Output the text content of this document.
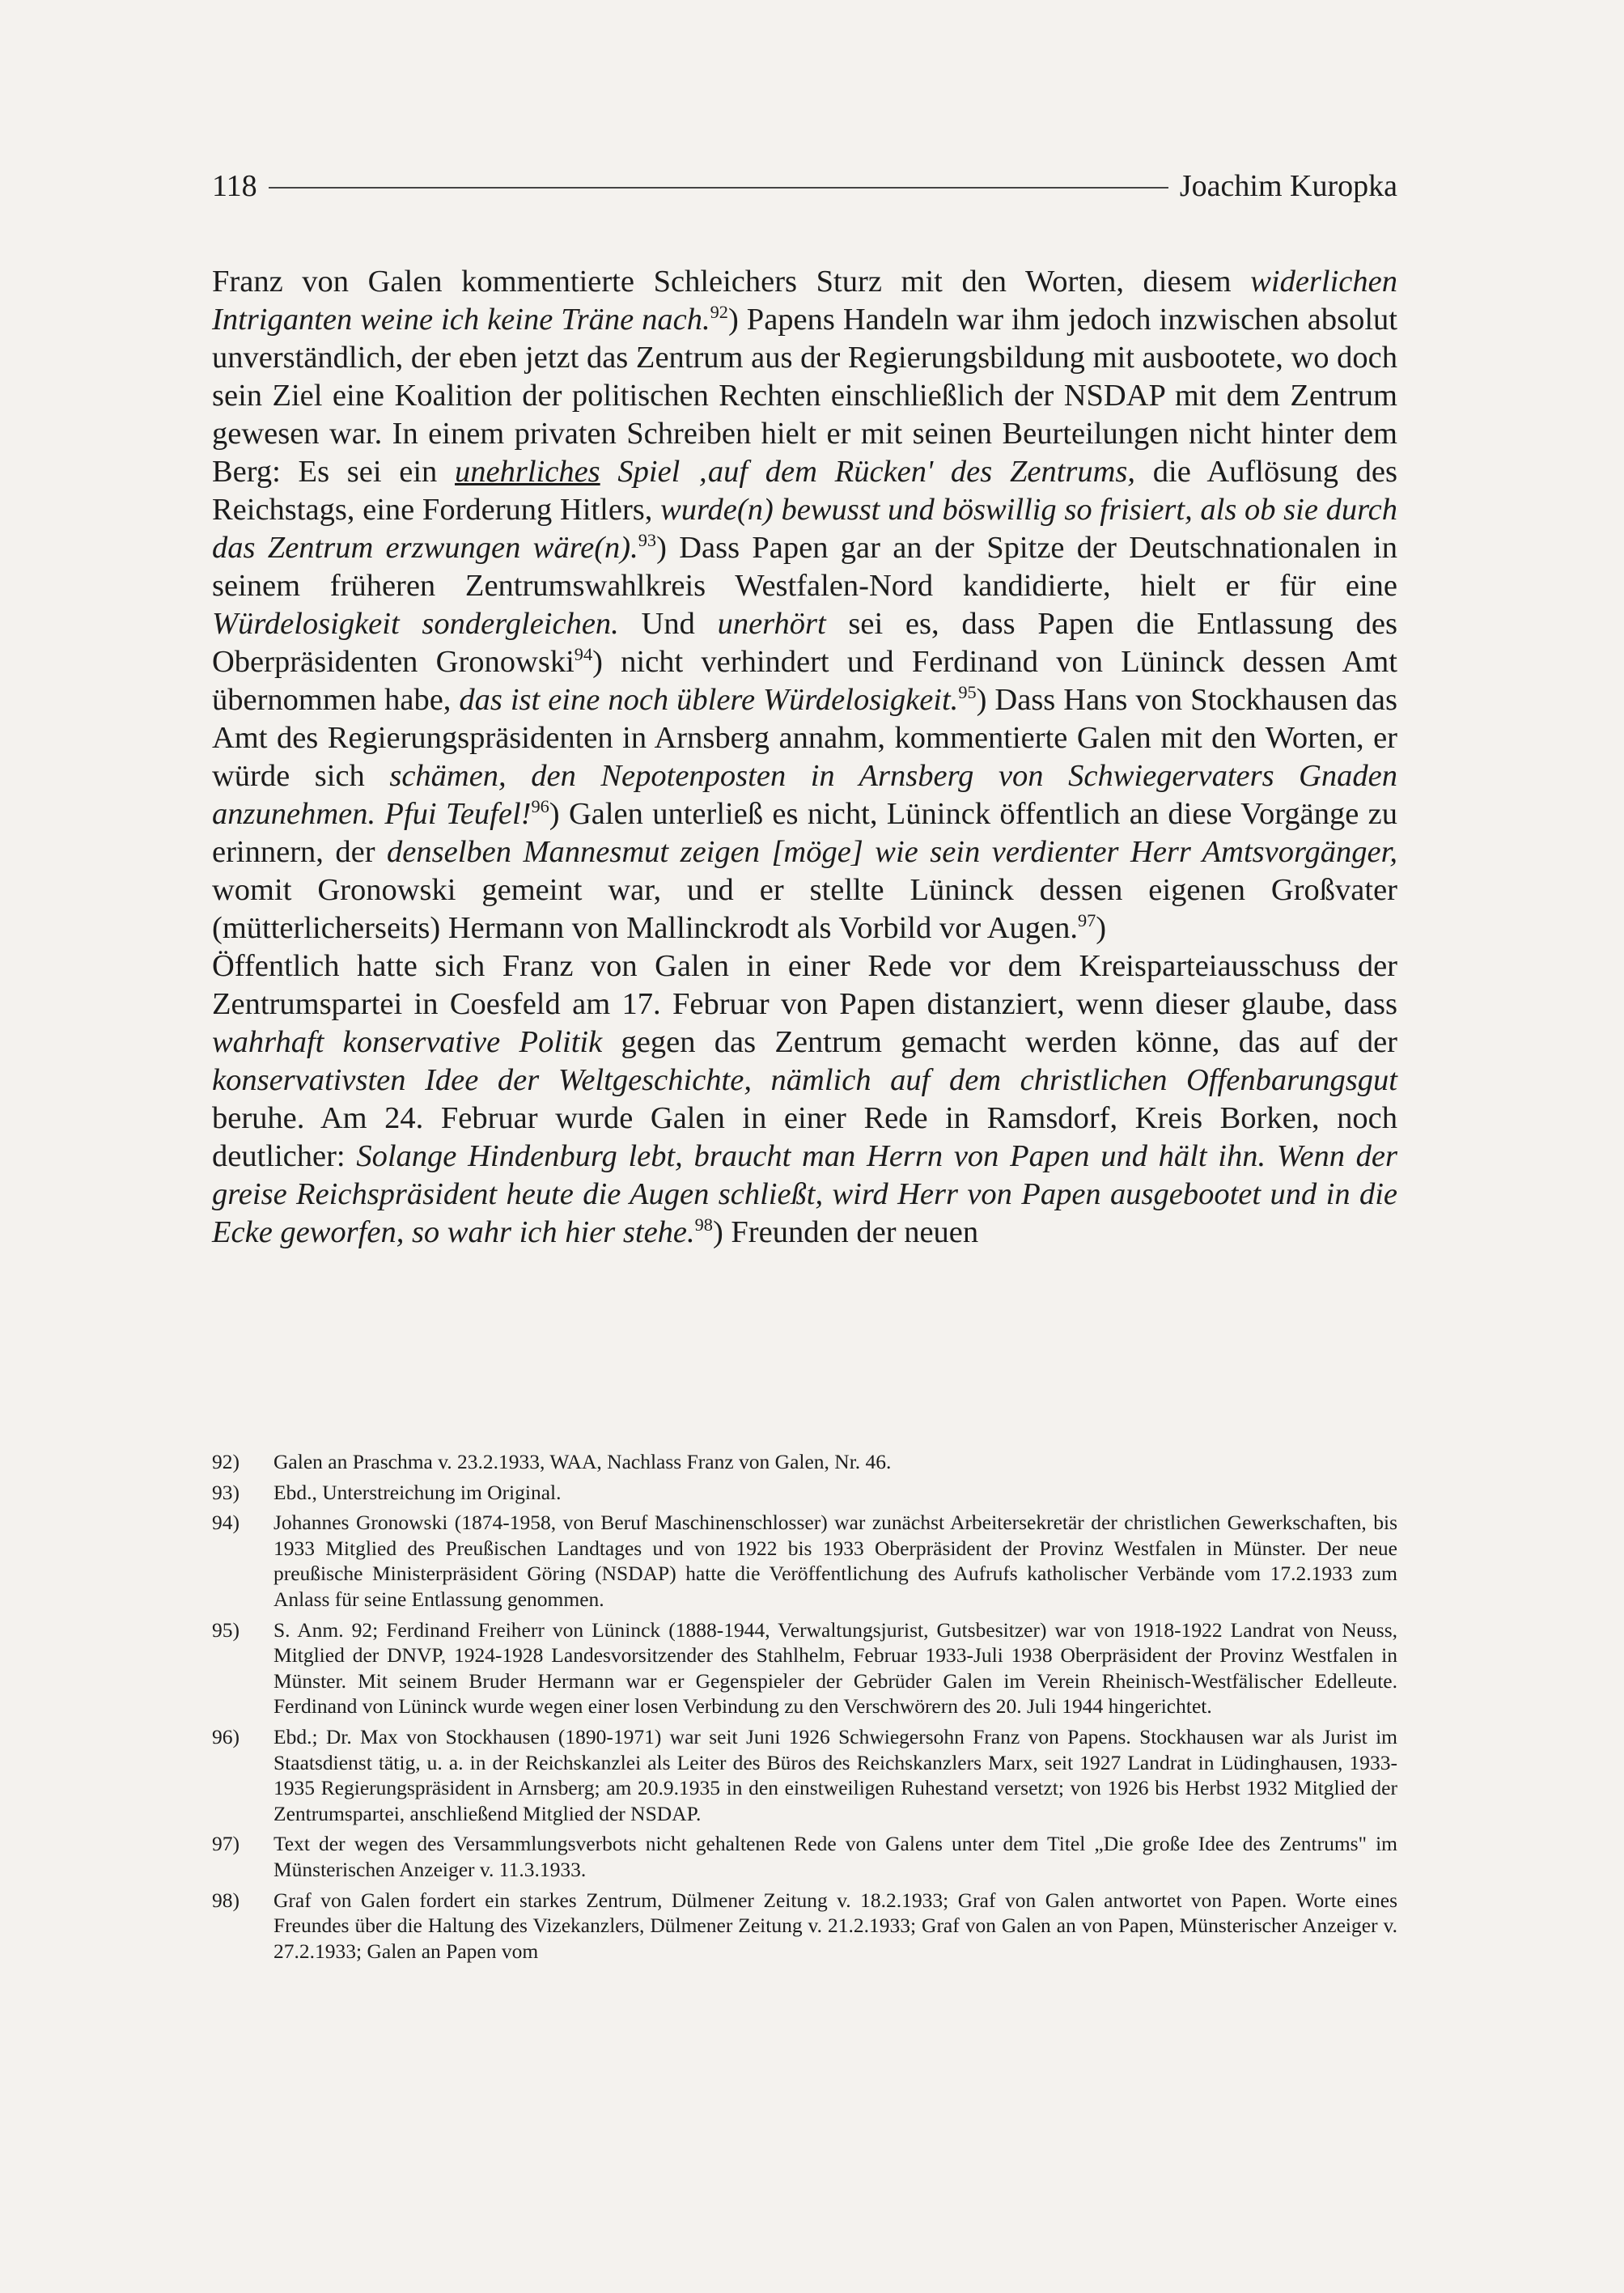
118	Joachim Kuropka

Franz von Galen kommentierte Schleichers Sturz mit den Worten, diesem widerlichen Intriganten weine ich keine Träne nach.$^{92}$) Papens Handeln war ihm jedoch inzwischen absolut unverständlich, der eben jetzt das Zentrum aus der Regierungsbildung mit ausbootete, wo doch sein Ziel eine Koalition der politischen Rechten einschließlich der NSDAP mit dem Zentrum gewesen war. In einem privaten Schreiben hielt er mit seinen Beurteilungen nicht hinter dem Berg: Es sei ein unehrliches Spiel ‚auf dem Rücken' des Zentrums, die Auflösung des Reichstags, eine Forderung Hitlers, wurde(n) bewusst und böswillig so frisiert, als ob sie durch das Zentrum erzwungen wäre(n).$^{93}$) Dass Papen gar an der Spitze der Deutschnationalen in seinem früheren Zentrumswahlkreis Westfalen-Nord kandidierte, hielt er für eine Würdelosigkeit sondergleichen. Und unerhört sei es, dass Papen die Entlassung des Oberpräsidenten Gronowski$^{94}$) nicht verhindert und Ferdinand von Lüninck dessen Amt übernommen habe, das ist eine noch üblere Würdelosigkeit.$^{95}$) Dass Hans von Stockhausen das Amt des Regierungspräsidenten in Arnsberg annahm, kommentierte Galen mit den Worten, er würde sich schämen, den Nepotenposten in Arnsberg von Schwiegervaters Gnaden anzunehmen. Pfui Teufel!$^{96}$) Galen unterließ es nicht, Lüninck öffentlich an diese Vorgänge zu erinnern, der denselben Mannesmut zeigen [möge] wie sein verdienter Herr Amtsvorgänger, womit Gronowski gemeint war, und er stellte Lüninck dessen eigenen Großvater (mütterlicherseits) Hermann von Mallinckrodt als Vorbild vor Augen.$^{97}$)

Öffentlich hatte sich Franz von Galen in einer Rede vor dem Kreisparteiausschuss der Zentrumspartei in Coesfeld am 17. Februar von Papen distanziert, wenn dieser glaube, dass wahrhaft konservative Politik gegen das Zentrum gemacht werden könne, das auf der konservativsten Idee der Weltgeschichte, nämlich auf dem christlichen Offenbarungsgut beruhe. Am 24. Februar wurde Galen in einer Rede in Ramsdorf, Kreis Borken, noch deutlicher: Solange Hindenburg lebt, braucht man Herrn von Papen und hält ihn. Wenn der greise Reichspräsident heute die Augen schließt, wird Herr von Papen ausgebootet und in die Ecke geworfen, so wahr ich hier stehe.$^{98}$) Freunden der neuen

92)	Galen an Praschma v. 23.2.1933, WAA, Nachlass Franz von Galen, Nr. 46.
93)	Ebd., Unterstreichung im Original.
94)	Johannes Gronowski (1874-1958, von Beruf Maschinenschlosser) war zunächst Arbeitersekretär der christlichen Gewerkschaften, bis 1933 Mitglied des Preußischen Landtages und von 1922 bis 1933 Oberpräsident der Provinz Westfalen in Münster. Der neue preußische Ministerpräsident Göring (NSDAP) hatte die Veröffentlichung des Aufrufs katholischer Verbände vom 17.2.1933 zum Anlass für seine Entlassung genommen.
95)	S. Anm. 92; Ferdinand Freiherr von Lüninck (1888-1944, Verwaltungsjurist, Gutsbesitzer) war von 1918-1922 Landrat von Neuss, Mitglied der DNVP, 1924-1928 Landesvorsitzender des Stahlhelm, Februar 1933-Juli 1938 Oberpräsident der Provinz Westfalen in Münster. Mit seinem Bruder Hermann war er Gegenspieler der Gebrüder Galen im Verein Rheinisch-Westfälischer Edelleute. Ferdinand von Lüninck wurde wegen einer losen Verbindung zu den Verschwörern des 20. Juli 1944 hingerichtet.
96)	Ebd.; Dr. Max von Stockhausen (1890-1971) war seit Juni 1926 Schwiegersohn Franz von Papens. Stockhausen war als Jurist im Staatsdienst tätig, u. a. in der Reichskanzlei als Leiter des Büros des Reichskanzlers Marx, seit 1927 Landrat in Lüdinghausen, 1933-1935 Regierungspräsident in Arnsberg; am 20.9.1935 in den einstweiligen Ruhestand versetzt; von 1926 bis Herbst 1932 Mitglied der Zentrumspartei, anschließend Mitglied der NSDAP.
97)	Text der wegen des Versammlungsverbots nicht gehaltenen Rede von Galens unter dem Titel „Die große Idee des Zentrums" im Münsterischen Anzeiger v. 11.3.1933.
98)	Graf von Galen fordert ein starkes Zentrum, Dülmener Zeitung v. 18.2.1933; Graf von Galen antwortet von Papen. Worte eines Freundes über die Haltung des Vizekanzlers, Dülmener Zeitung v. 21.2.1933; Graf von Galen an von Papen, Münsterischer Anzeiger v. 27.2.1933; Galen an Papen vom
